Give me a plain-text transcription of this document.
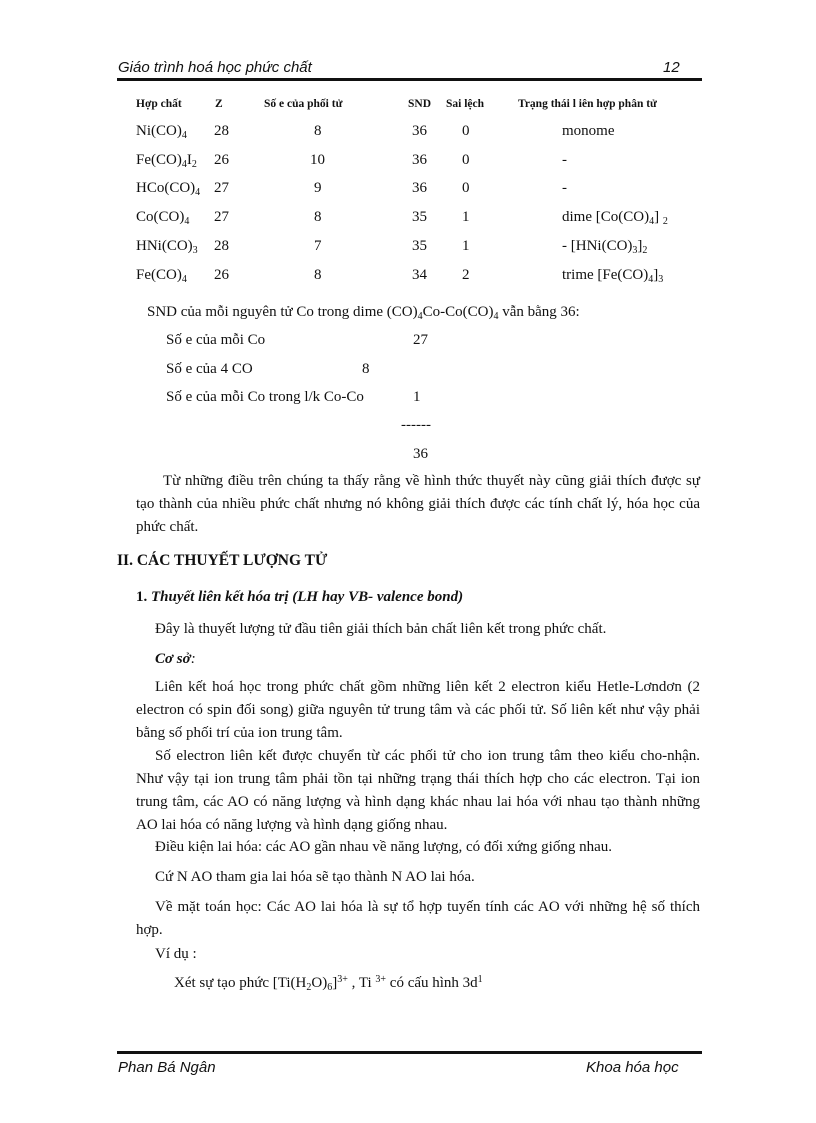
Giáo trình hoá học phức chất	12
Hợp chất	Z	Số e của phối tử	SND Sai lệch	Trạng thái l iên hợp phân tử
$Ni(CO)_4$ 28	8	36 0	monome
$Fe(CO)_4I_2$ 26	10	36 0	-
$HCo(CO)_4$ 27	9	36 0	-
$Co(CO)_4$ 27	8	35 1	dime $[Co(CO)_4]$ $_2$
$HNi(CO)_3$ 28	7	35 1	- $[HNi(CO)_3]_2$
$Fe(CO)_4$ 26	8	34 2	trime $[Fe(CO)_4]_3$
SND của mỗi nguyên tử Co trong dime $(CO)_4Co-Co(CO)_4$ vẫn bằng 36:
Số e của mỗi Co	27
Số e của 4 CO	8
Số e của mỗi Co trong l/k Co-Co	1
------
36
Từ những điều trên chúng ta thấy rằng về hình thức thuyết này cũng giải thích được sự tạo thành của nhiều phức chất nhưng nó không giải thích được các tính chất lý, hóa học của phức chất.
II. CÁC THUYẾT LƯỢNG TỬ
1. Thuyết liên kết hóa trị (LH hay VB- valence bond)
Đây là thuyết lượng tử đầu tiên giải thích bản chất liên kết trong phức chất.
Cơ sở:
Liên kết hoá học trong phức chất gồm những liên kết 2 electron kiểu Hetle-Lơndơn (2 electron có spin đối song) giữa nguyên tử trung tâm và các phối tử. Số liên kết như vậy phải bằng số phối trí của ion trung tâm.
Số electron liên kết được chuyển từ các phối tử cho ion trung tâm theo kiểu cho-nhận. Như vậy tại ion trung tâm phải tồn tại những trạng thái thích hợp cho các electron. Tại ion trung tâm, các AO có năng lượng và hình dạng khác nhau lai hóa với nhau tạo thành những AO lai hóa có năng lượng và hình dạng giống nhau.
Điều kiện lai hóa: các AO gần nhau về năng lượng, có đối xứng giống nhau.
Cứ N AO tham gia lai hóa sẽ tạo thành N AO lai hóa.
Về mặt toán học: Các AO lai hóa là sự tổ hợp tuyến tính các AO với những hệ số thích hợp.
Ví dụ :
Xét sự tạo phức $[Ti(H_2O)_6]^{3+}$ , Ti $^{3+}$ có cấu hình $3d^1$
Phan Bá Ngân	Khoa hóa học
